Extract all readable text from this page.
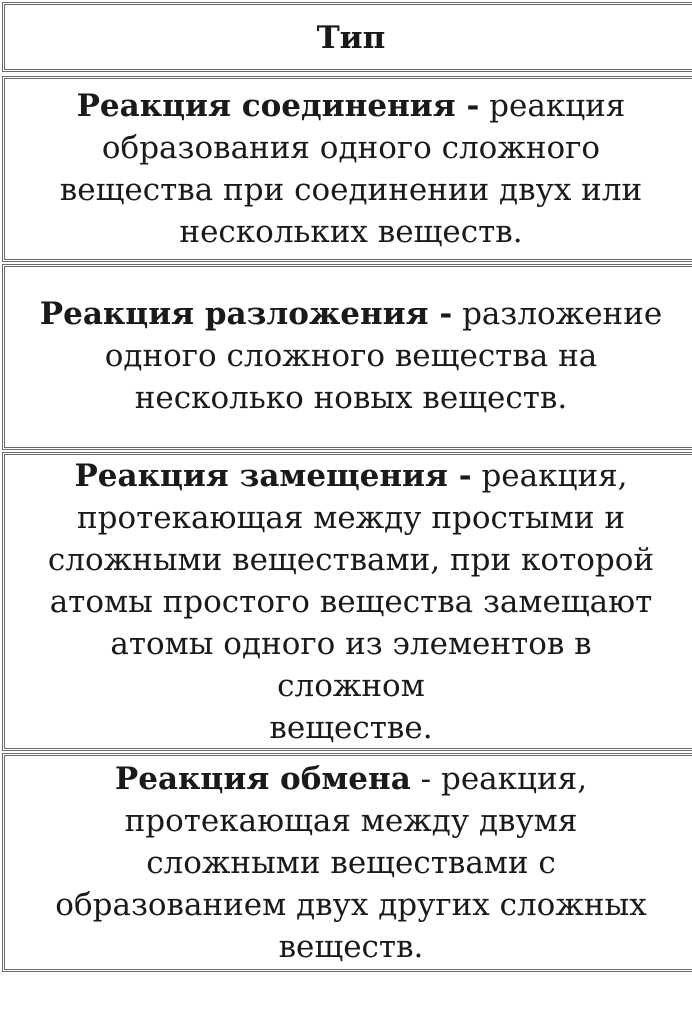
Тип
Реакция соединения - реакция
образования одного сложного
вещества при соединении двух или
нескольких веществ.
Реакция разложения - разложение
одного сложного вещества на
несколько новых веществ.
Реакция замещения - реакция,
протекающая между простыми и
сложными веществами, при которой
атомы простого вещества замещают
атомы одного из элементов в
сложном
веществе.
Реакция обмена - реакция,
протекающая между двумя
сложными веществами с
образованием двух других сложных
веществ.
